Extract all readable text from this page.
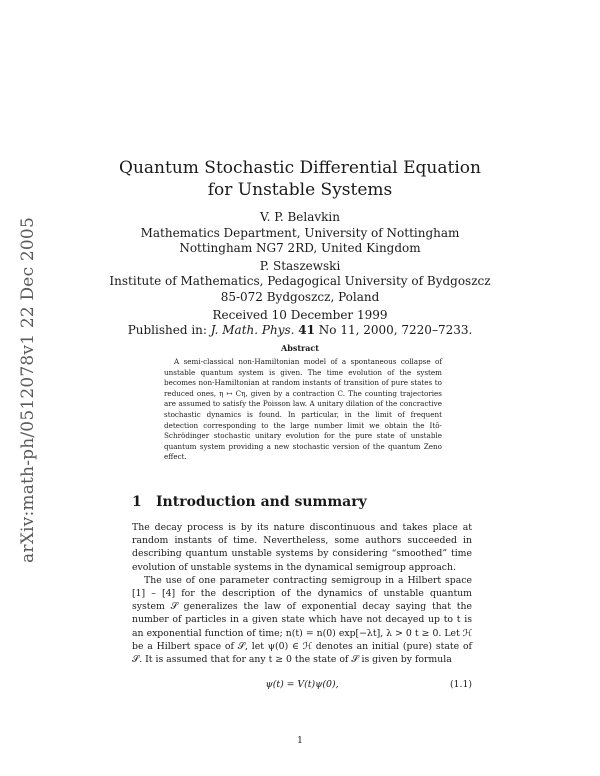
arXiv:math-ph/0512078v1 22 Dec 2005
Quantum Stochastic Differential Equation
for Unstable Systems
V. P. Belavkin
Mathematics Department, University of Nottingham
Nottingham NG7 2RD, United Kingdom
P. Staszewski
Institute of Mathematics, Pedagogical University of Bydgoszcz
85-072 Bydgoszcz, Poland
Received 10 December 1999
Published in: J. Math. Phys. 41 No 11, 2000, 7220–7233.
Abstract

A semi-classical non-Hamiltonian model of a spontaneous collapse of unstable quantum system is given. The time evolution of the system becomes non-Hamiltonian at random instants of transition of pure states to reduced ones, η ↦ Cη, given by a contraction C. The counting trajectories are assumed to satisfy the Poisson law. A unitary dilation of the concractive stochastic dynamics is found. In particular, in the limit of frequent detection corresponding to the large number limit we obtain the Itô-Schrödinger stochastic unitary evolution for the pure state of unstable quantum system providing a new stochastic version of the quantum Zeno effect.

1 Introduction and summary

The decay process is by its nature discontinuous and takes place at random instants of time. Nevertheless, some authors succeeded in describing quantum unstable systems by considering “smoothed” time evolution of unstable systems in the dynamical semigroup approach.

The use of one parameter contracting semigroup in a Hilbert space [1] – [4] for the description of the dynamics of unstable quantum system 𝒮 generalizes the law of exponential decay saying that the number of particles in a given state which have not decayed up to t is an exponential function of time; n(t) = n(0) exp[−λt], λ > 0 t ≥ 0. Let ℋ be a Hilbert space of 𝒮, let ψ(0) ∈ ℋ denotes an initial (pure) state of 𝒮. It is assumed that for any t ≥ 0 the state of 𝒮 is given by formula

ψ(t) = V(t)ψ(0),	(1.1)
1
